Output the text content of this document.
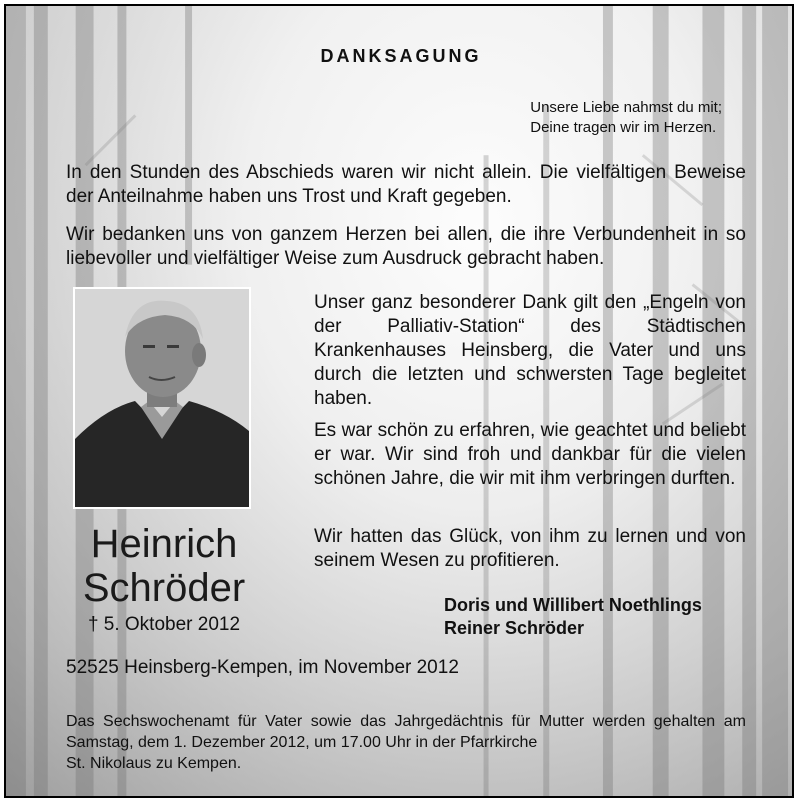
DANKSAGUNG
Unsere Liebe nahmst du mit;
Deine tragen wir im Herzen.
In den Stunden des Abschieds waren wir nicht allein. Die vielfältigen Beweise der Anteilnahme haben uns Trost und Kraft gegeben.
Wir bedanken uns von ganzem Herzen bei allen, die ihre Verbundenheit in so liebevoller und vielfältiger Weise zum Ausdruck gebracht haben.
Heinrich
Schröder
† 5. Oktober 2012
Unser ganz besonderer Dank gilt den „Engeln von der Palliativ-Station“ des Städtischen Krankenhauses Heinsberg, die Vater und uns durch die letzten und schwersten Tage begleitet haben.
Es war schön zu erfahren, wie geachtet und beliebt er war. Wir sind froh und dankbar für die vielen schönen Jahre, die wir mit ihm verbringen durften.
Wir hatten das Glück, von ihm zu lernen und von seinem Wesen zu profitieren.
Doris und Willibert Noethlings
Reiner Schröder
52525 Heinsberg-Kempen, im November 2012
Das Sechswochenamt für Vater sowie das Jahrgedächtnis für Mutter werden gehalten am Samstag, dem 1. Dezember 2012, um 17.00 Uhr in der Pfarrkirche
St. Nikolaus zu Kempen.
